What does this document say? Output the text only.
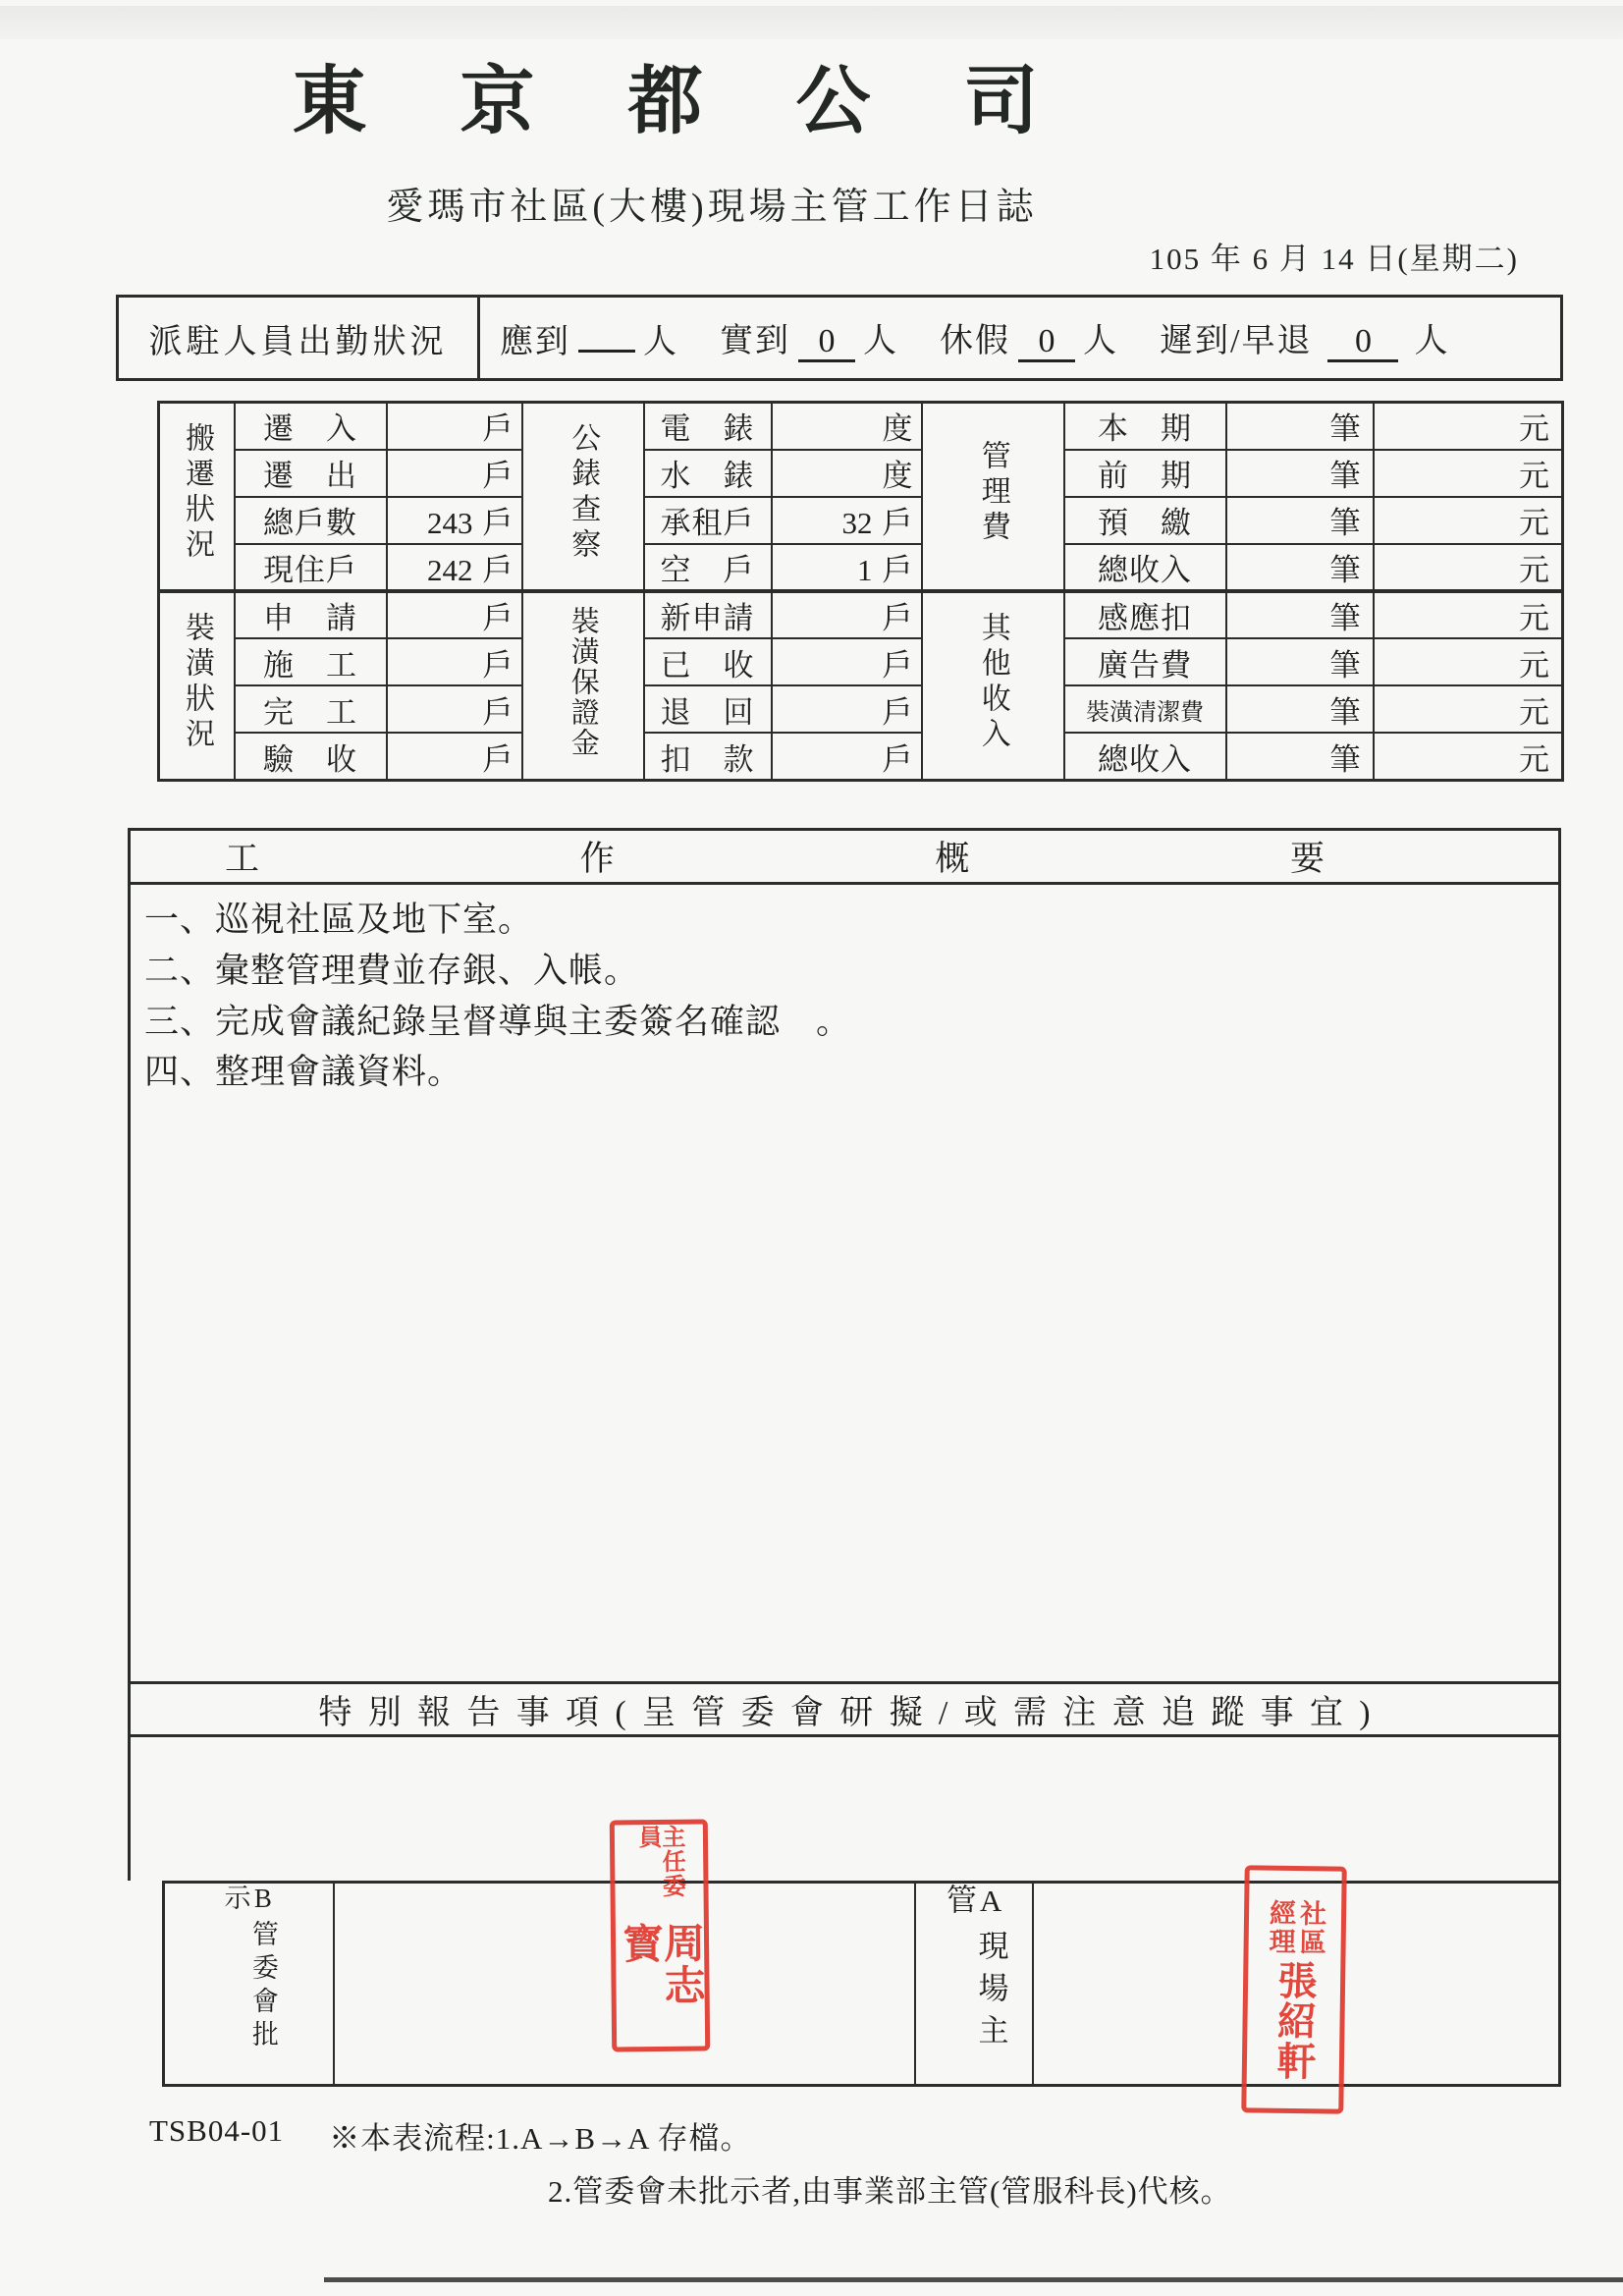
東京都公司
愛瑪市社區(大樓)現場主管工作日誌
105 年 6 月 14 日(星期二)
派駐人員出勤狀況	應到 人 實到 0 人 休假 0 人 遲到/早退	0	人
搬遷狀況	遷　入	戶	公錶查察	電　錶	度	管理費	本　期	筆	元
	遷　出	戶		水　錶	度		前　期	筆	元
	總戶數	243 戶		承租戶	32 戶		預　繳	筆	元
	現住戶	242 戶		空　戶	1 戶		總收入	筆	元
裝潢狀況	申　請	戶	裝潢保證金	新申請	戶	其他收入	感應扣	筆	元
	施　工	戶		已　收	戶		廣告費	筆	元
	完　工	戶		退　回	戶		裝潢清潔費	筆	元
	驗　收	戶		扣　款	戶		總收入	筆	元
工	作	概	要
一、巡視社區及地下室。
二、彙整管理費並存銀、入帳。
三、完成會議紀錄呈督導與主委簽名確認　。
四、整理會議資料。
特別報告事項(呈管委會研擬/或需注意追蹤事宜)
B管委會批示	A現場主管
主任委員
周志寳	社區
經理
張紹軒
TSB04-01 ※本表流程:1.A→B→A 存檔。
2.管委會未批示者,由事業部主管(管服科長)代核。
